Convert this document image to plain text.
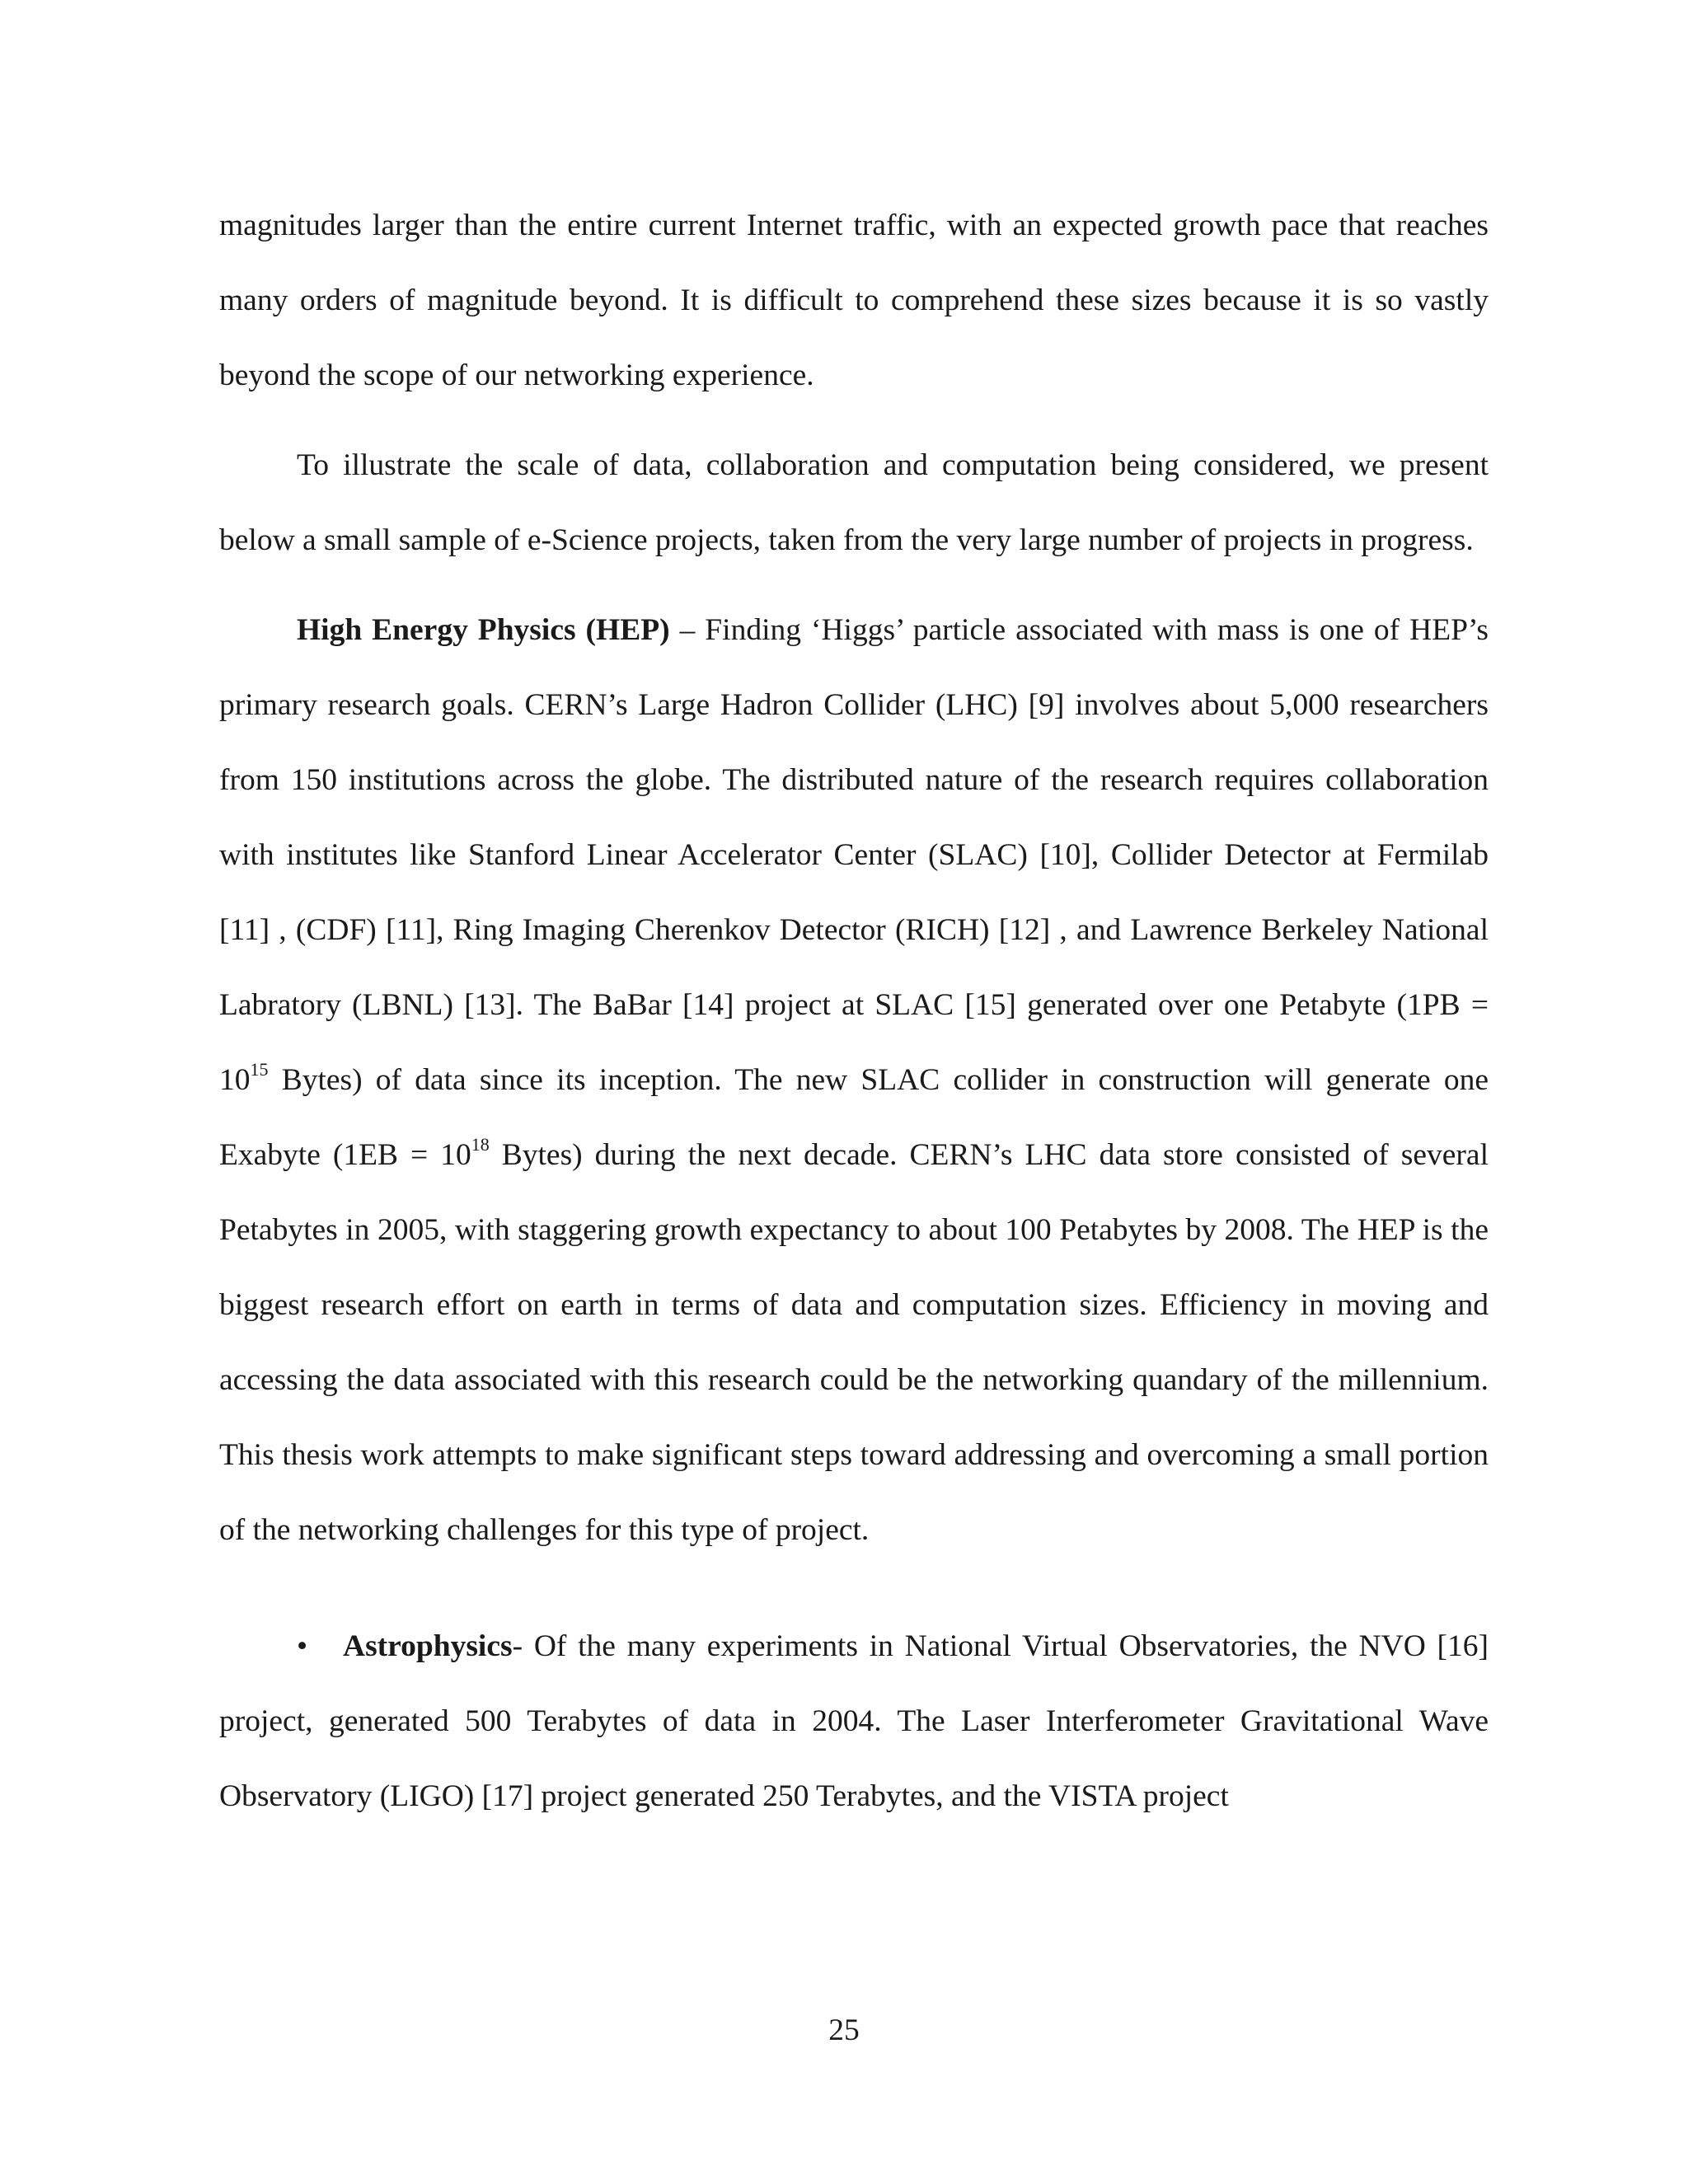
magnitudes larger than the entire current Internet traffic, with an expected growth pace that reaches many orders of magnitude beyond. It is difficult to comprehend these sizes because it is so vastly beyond the scope of our networking experience.

To illustrate the scale of data, collaboration and computation being considered, we present below a small sample of e-Science projects, taken from the very large number of projects in progress.

High Energy Physics (HEP) – Finding ‘Higgs’ particle associated with mass is one of HEP’s primary research goals. CERN’s Large Hadron Collider (LHC) [9] involves about 5,000 researchers from 150 institutions across the globe. The distributed nature of the research requires collaboration with institutes like Stanford Linear Accelerator Center (SLAC) [10], Collider Detector at Fermilab [11] , (CDF) [11], Ring Imaging Cherenkov Detector (RICH) [12] , and Lawrence Berkeley National Labratory (LBNL) [13]. The BaBar [14] project at SLAC [15] generated over one Petabyte ($1PB = 10^{15}$ Bytes) of data since its inception. The new SLAC collider in construction will generate one Exabyte ($1EB = 10^{18}$ Bytes) during the next decade. CERN’s LHC data store consisted of several Petabytes in 2005, with staggering growth expectancy to about 100 Petabytes by 2008. The HEP is the biggest research effort on earth in terms of data and computation sizes. Efficiency in moving and accessing the data associated with this research could be the networking quandary of the millennium. This thesis work attempts to make significant steps toward addressing and overcoming a small portion of the networking challenges for this type of project.

• Astrophysics- Of the many experiments in National Virtual Observatories, the NVO [16] project, generated 500 Terabytes of data in 2004. The Laser Interferometer Gravitational Wave Observatory (LIGO) [17] project generated 250 Terabytes, and the VISTA project

25
